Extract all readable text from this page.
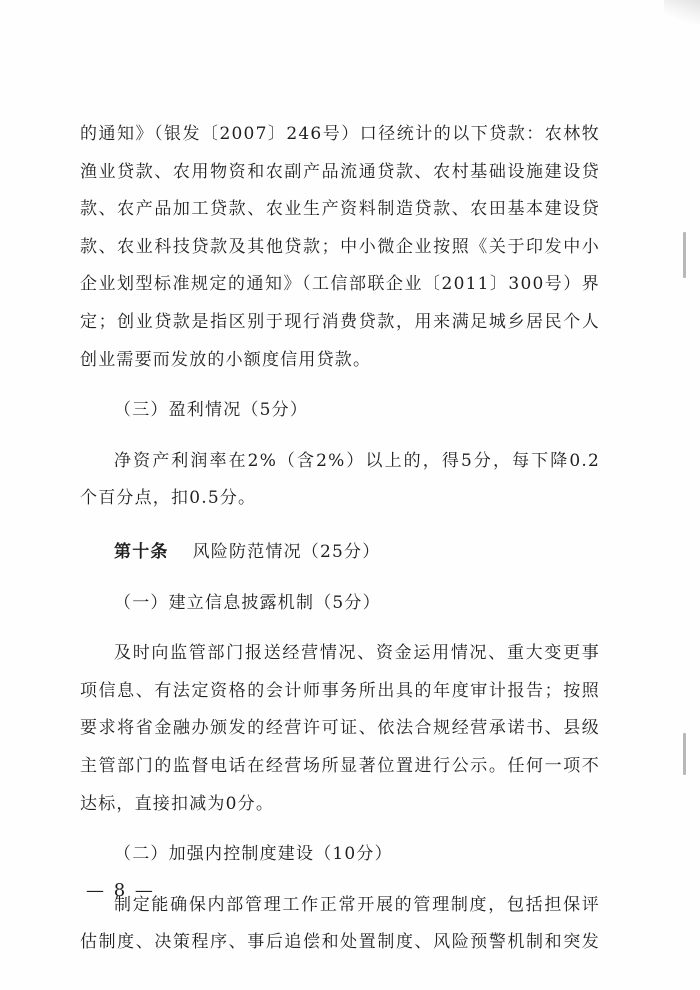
的通知》（银发〔2007〕246号）口径统计的以下贷款：农林牧

渔业贷款、农用物资和农副产品流通贷款、农村基础设施建设贷

款、农产品加工贷款、农业生产资料制造贷款、农田基本建设贷

款、农业科技贷款及其他贷款；中小微企业按照《关于印发中小

企业划型标准规定的通知》（工信部联企业〔2011〕300号）界

定；创业贷款是指区别于现行消费贷款，用来满足城乡居民个人

创业需要而发放的小额度信用贷款。

（三）盈利情况（5分）

净资产利润率在2%（含2%）以上的，得5分，每下降0.2

个百分点，扣0.5分。

第十条 风险防范情况（25分）

（一）建立信息披露机制（5分）

及时向监管部门报送经营情况、资金运用情况、重大变更事

项信息、有法定资格的会计师事务所出具的年度审计报告；按照

要求将省金融办颁发的经营许可证、依法合规经营承诺书、县级

主管部门的监督电话在经营场所显著位置进行公示。任何一项不

达标，直接扣减为0分。

（二）加强内控制度建设（10分）

制定能确保内部管理工作正常开展的管理制度，包括担保评

估制度、决策程序、事后追偿和处置制度、风险预警机制和突发

— 8 —
